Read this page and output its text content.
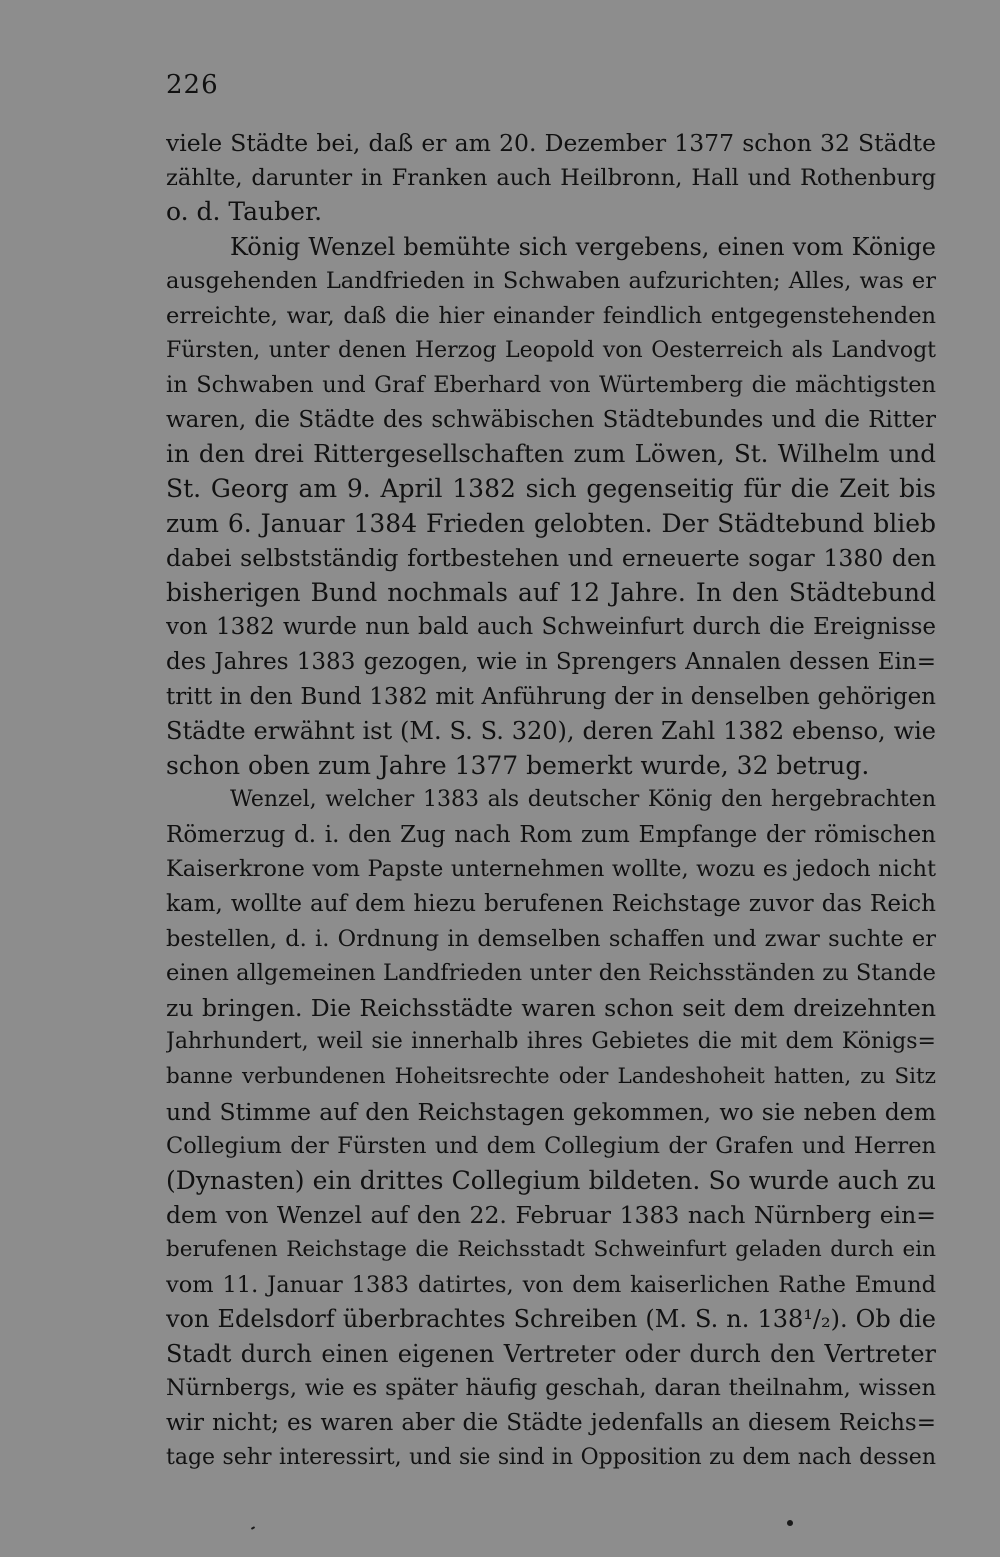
226
viele Städte bei, daß er am 20. Dezember 1377 schon 32 Städte
zählte, darunter in Franken auch Heilbronn, Hall und Rothenburg
o. d. Tauber.
König Wenzel bemühte sich vergebens, einen vom Könige
ausgehenden Landfrieden in Schwaben aufzurichten; Alles, was er
erreichte, war, daß die hier einander feindlich entgegenstehenden
Fürsten, unter denen Herzog Leopold von Oesterreich als Landvogt
in Schwaben und Graf Eberhard von Würtemberg die mächtigsten
waren, die Städte des schwäbischen Städtebundes und die Ritter
in den drei Rittergesellschaften zum Löwen, St. Wilhelm und
St. Georg am 9. April 1382 sich gegenseitig für die Zeit bis
zum 6. Januar 1384 Frieden gelobten. Der Städtebund blieb
dabei selbstständig fortbestehen und erneuerte sogar 1380 den
bisherigen Bund nochmals auf 12 Jahre. In den Städtebund
von 1382 wurde nun bald auch Schweinfurt durch die Ereignisse
des Jahres 1383 gezogen, wie in Sprengers Annalen dessen Ein=
tritt in den Bund 1382 mit Anführung der in denselben gehörigen
Städte erwähnt ist (M. S. S. 320), deren Zahl 1382 ebenso, wie
schon oben zum Jahre 1377 bemerkt wurde, 32 betrug.
Wenzel, welcher 1383 als deutscher König den hergebrachten
Römerzug d. i. den Zug nach Rom zum Empfange der römischen
Kaiserkrone vom Papste unternehmen wollte, wozu es jedoch nicht
kam, wollte auf dem hiezu berufenen Reichstage zuvor das Reich
bestellen, d. i. Ordnung in demselben schaffen und zwar suchte er
einen allgemeinen Landfrieden unter den Reichsständen zu Stande
zu bringen. Die Reichsstädte waren schon seit dem dreizehnten
Jahrhundert, weil sie innerhalb ihres Gebietes die mit dem Königs=
banne verbundenen Hoheitsrechte oder Landeshoheit hatten, zu Sitz
und Stimme auf den Reichstagen gekommen, wo sie neben dem
Collegium der Fürsten und dem Collegium der Grafen und Herren
(Dynasten) ein drittes Collegium bildeten. So wurde auch zu
dem von Wenzel auf den 22. Februar 1383 nach Nürnberg ein=
berufenen Reichstage die Reichsstadt Schweinfurt geladen durch ein
vom 11. Januar 1383 datirtes, von dem kaiserlichen Rathe Emund
von Edelsdorf überbrachtes Schreiben (M. S. n. 138¹/₂). Ob die
Stadt durch einen eigenen Vertreter oder durch den Vertreter
Nürnbergs, wie es später häufig geschah, daran theilnahm, wissen
wir nicht; es waren aber die Städte jedenfalls an diesem Reichs=
tage sehr interessirt, und sie sind in Opposition zu dem nach dessen
